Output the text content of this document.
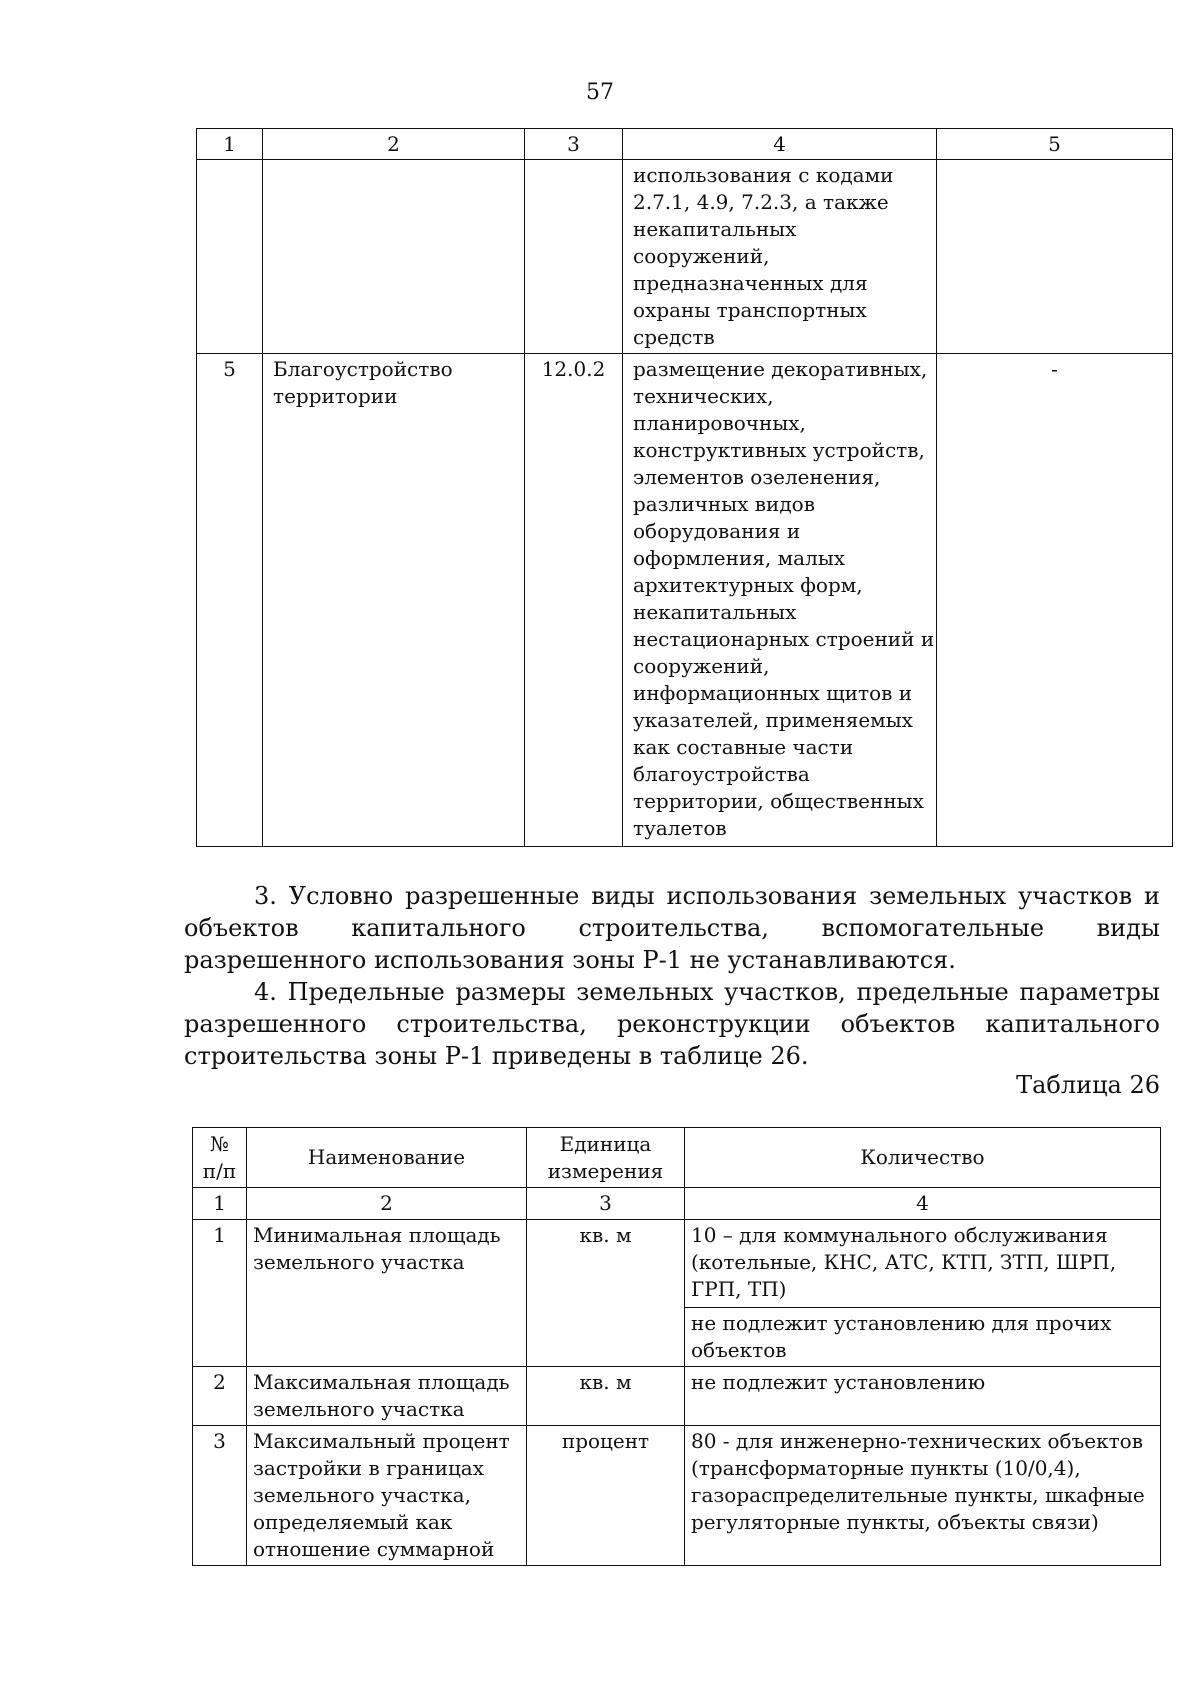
57
1	2	3	4	5
			использования с кодами 2.7.1, 4.9, 7.2.3, а также некапитальных сооружений, предназначенных для охраны транспортных средств	
5	Благоустройство территории	12.0.2	размещение декоративных, технических, планировочных, конструктивных устройств, элементов озеленения, различных видов оборудования и оформления, малых архитектурных форм, некапитальных нестационарных строений и сооружений, информационных щитов и указателей, применяемых как составные части благоустройства территории, общественных туалетов	-
3. Условно разрешенные виды использования земельных участков и объектов капитального строительства, вспомогательные виды разрешенного использования зоны Р-1 не устанавливаются.
4. Предельные размеры земельных участков, предельные параметры разрешенного строительства, реконструкции объектов капитального строительства зоны Р-1 приведены в таблице 26.
Таблица 26
№ п/п	Наименование	Единица измерения	Количество
1	2	3	4
1	Минимальная площадь земельного участка	кв. м	10 – для коммунального обслуживания (котельные, КНС, АТС, КТП, ЗТП, ШРП, ГРП, ТП)
не подлежит установлению для прочих объектов

2	Максимальная площадь земельного участка	кв. м	не подлежит установлению
3	Максимальный процент застройки в границах земельного участка, определяемый как отношение суммарной	процент	80 - для инженерно-технических объектов (трансформаторные пункты (10/0,4), газораспределительные пункты, шкафные регуляторные пункты, объекты связи)
